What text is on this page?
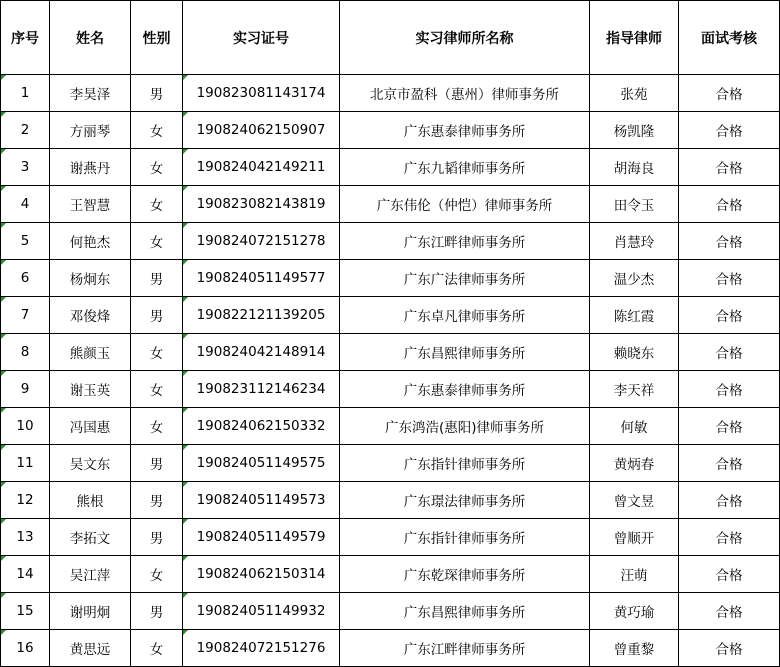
序号	姓名	性别	实习证号	实习律师所名称	指导律师	面试考核
1	李昊泽	男	190823081143174	北京市盈科（惠州）律师事务所	张苑	合格
2	方丽琴	女	190824062150907	广东惠泰律师事务所	杨凯隆	合格
3	谢燕丹	女	190824042149211	广东九韬律师事务所	胡海良	合格
4	王智慧	女	190823082143819	广东伟伦（仲恺）律师事务所	田令玉	合格
5	何艳杰	女	190824072151278	广东江畔律师事务所	肖慧玲	合格
6	杨炯东	男	190824051149577	广东广法律师事务所	温少杰	合格
7	邓俊烽	男	190822121139205	广东卓凡律师事务所	陈红霞	合格
8	熊颜玉	女	190824042148914	广东昌熙律师事务所	赖晓东	合格
9	谢玉英	女	190823112146234	广东惠泰律师事务所	李天祥	合格
10	冯国惠	女	190824062150332	广东鸿浩(惠阳)律师事务所	何敏	合格
11	吴文东	男	190824051149575	广东指针律师事务所	黄炳春	合格
12	熊根	男	190824051149573	广东璟法律师事务所	曾文昱	合格
13	李拓文	男	190824051149579	广东指针律师事务所	曾顺开	合格
14	吴江萍	女	190824062150314	广东乾琛律师事务所	汪萌	合格
15	谢明炯	男	190824051149932	广东昌熙律师事务所	黄巧瑜	合格
16	黄思远	女	190824072151276	广东江畔律师事务所	曾重黎	合格
